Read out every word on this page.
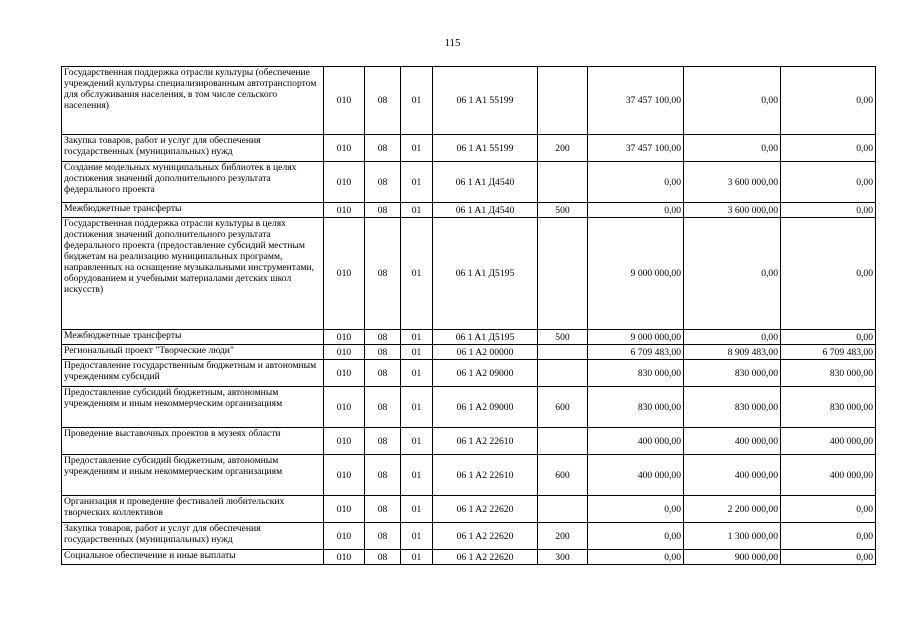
115
Государственная поддержка отрасли культуры (обеспечение учреждений культуры специализированным автотранспортом для обслуживания населения, в том числе сельского населения)	010	08	01	06 1 A1 55199		37 457 100,00	0,00	0,00
Закупка товаров, работ и услуг для обеспечения государственных (муниципальных) нужд	010	08	01	06 1 A1 55199	200	37 457 100,00	0,00	0,00
Создание модельных муниципальных библиотек в целях достижения значений дополнительного результата федерального проекта	010	08	01	06 1 A1 Д4540		0,00	3 600 000,00	0,00
Межбюджетные трансферты	010	08	01	06 1 A1 Д4540	500	0,00	3 600 000,00	0,00
Государственная поддержка отрасли культуры в целях достижения значений дополнительного результата федерального проекта (предоставление субсидий местным бюджетам на реализацию муниципальных программ, направленных на оснащение музыкальными инструментами, оборудованием и учебными материалами детских школ искусств)	010	08	01	06 1 A1 Д5195		9 000 000,00	0,00	0,00
Межбюджетные трансферты	010	08	01	06 1 A1 Д5195	500	9 000 000,00	0,00	0,00
Региональный проект "Творческие люди"	010	08	01	06 1 A2 00000		6 709 483,00	8 909 483,00	6 709 483,00
Предоставление государственным бюджетным и автономным учреждениям субсидий	010	08	01	06 1 A2 09000		830 000,00	830 000,00	830 000,00
Предоставление субсидий бюджетным, автономным учреждениям и иным некоммерческим организациям	010	08	01	06 1 A2 09000	600	830 000,00	830 000,00	830 000,00
Проведение выставочных проектов в музеях области	010	08	01	06 1 A2 22610		400 000,00	400 000,00	400 000,00
Предоставление субсидий бюджетным, автономным учреждениям и иным некоммерческим организациям	010	08	01	06 1 A2 22610	600	400 000,00	400 000,00	400 000,00
Организация и проведение фестивалей любительских творческих коллективов	010	08	01	06 1 A2 22620		0,00	2 200 000,00	0,00
Закупка товаров, работ и услуг для обеспечения государственных (муниципальных) нужд	010	08	01	06 1 A2 22620	200	0,00	1 300 000,00	0,00
Социальное обеспечение и иные выплаты	010	08	01	06 1 A2 22620	300	0,00	900 000,00	0,00
